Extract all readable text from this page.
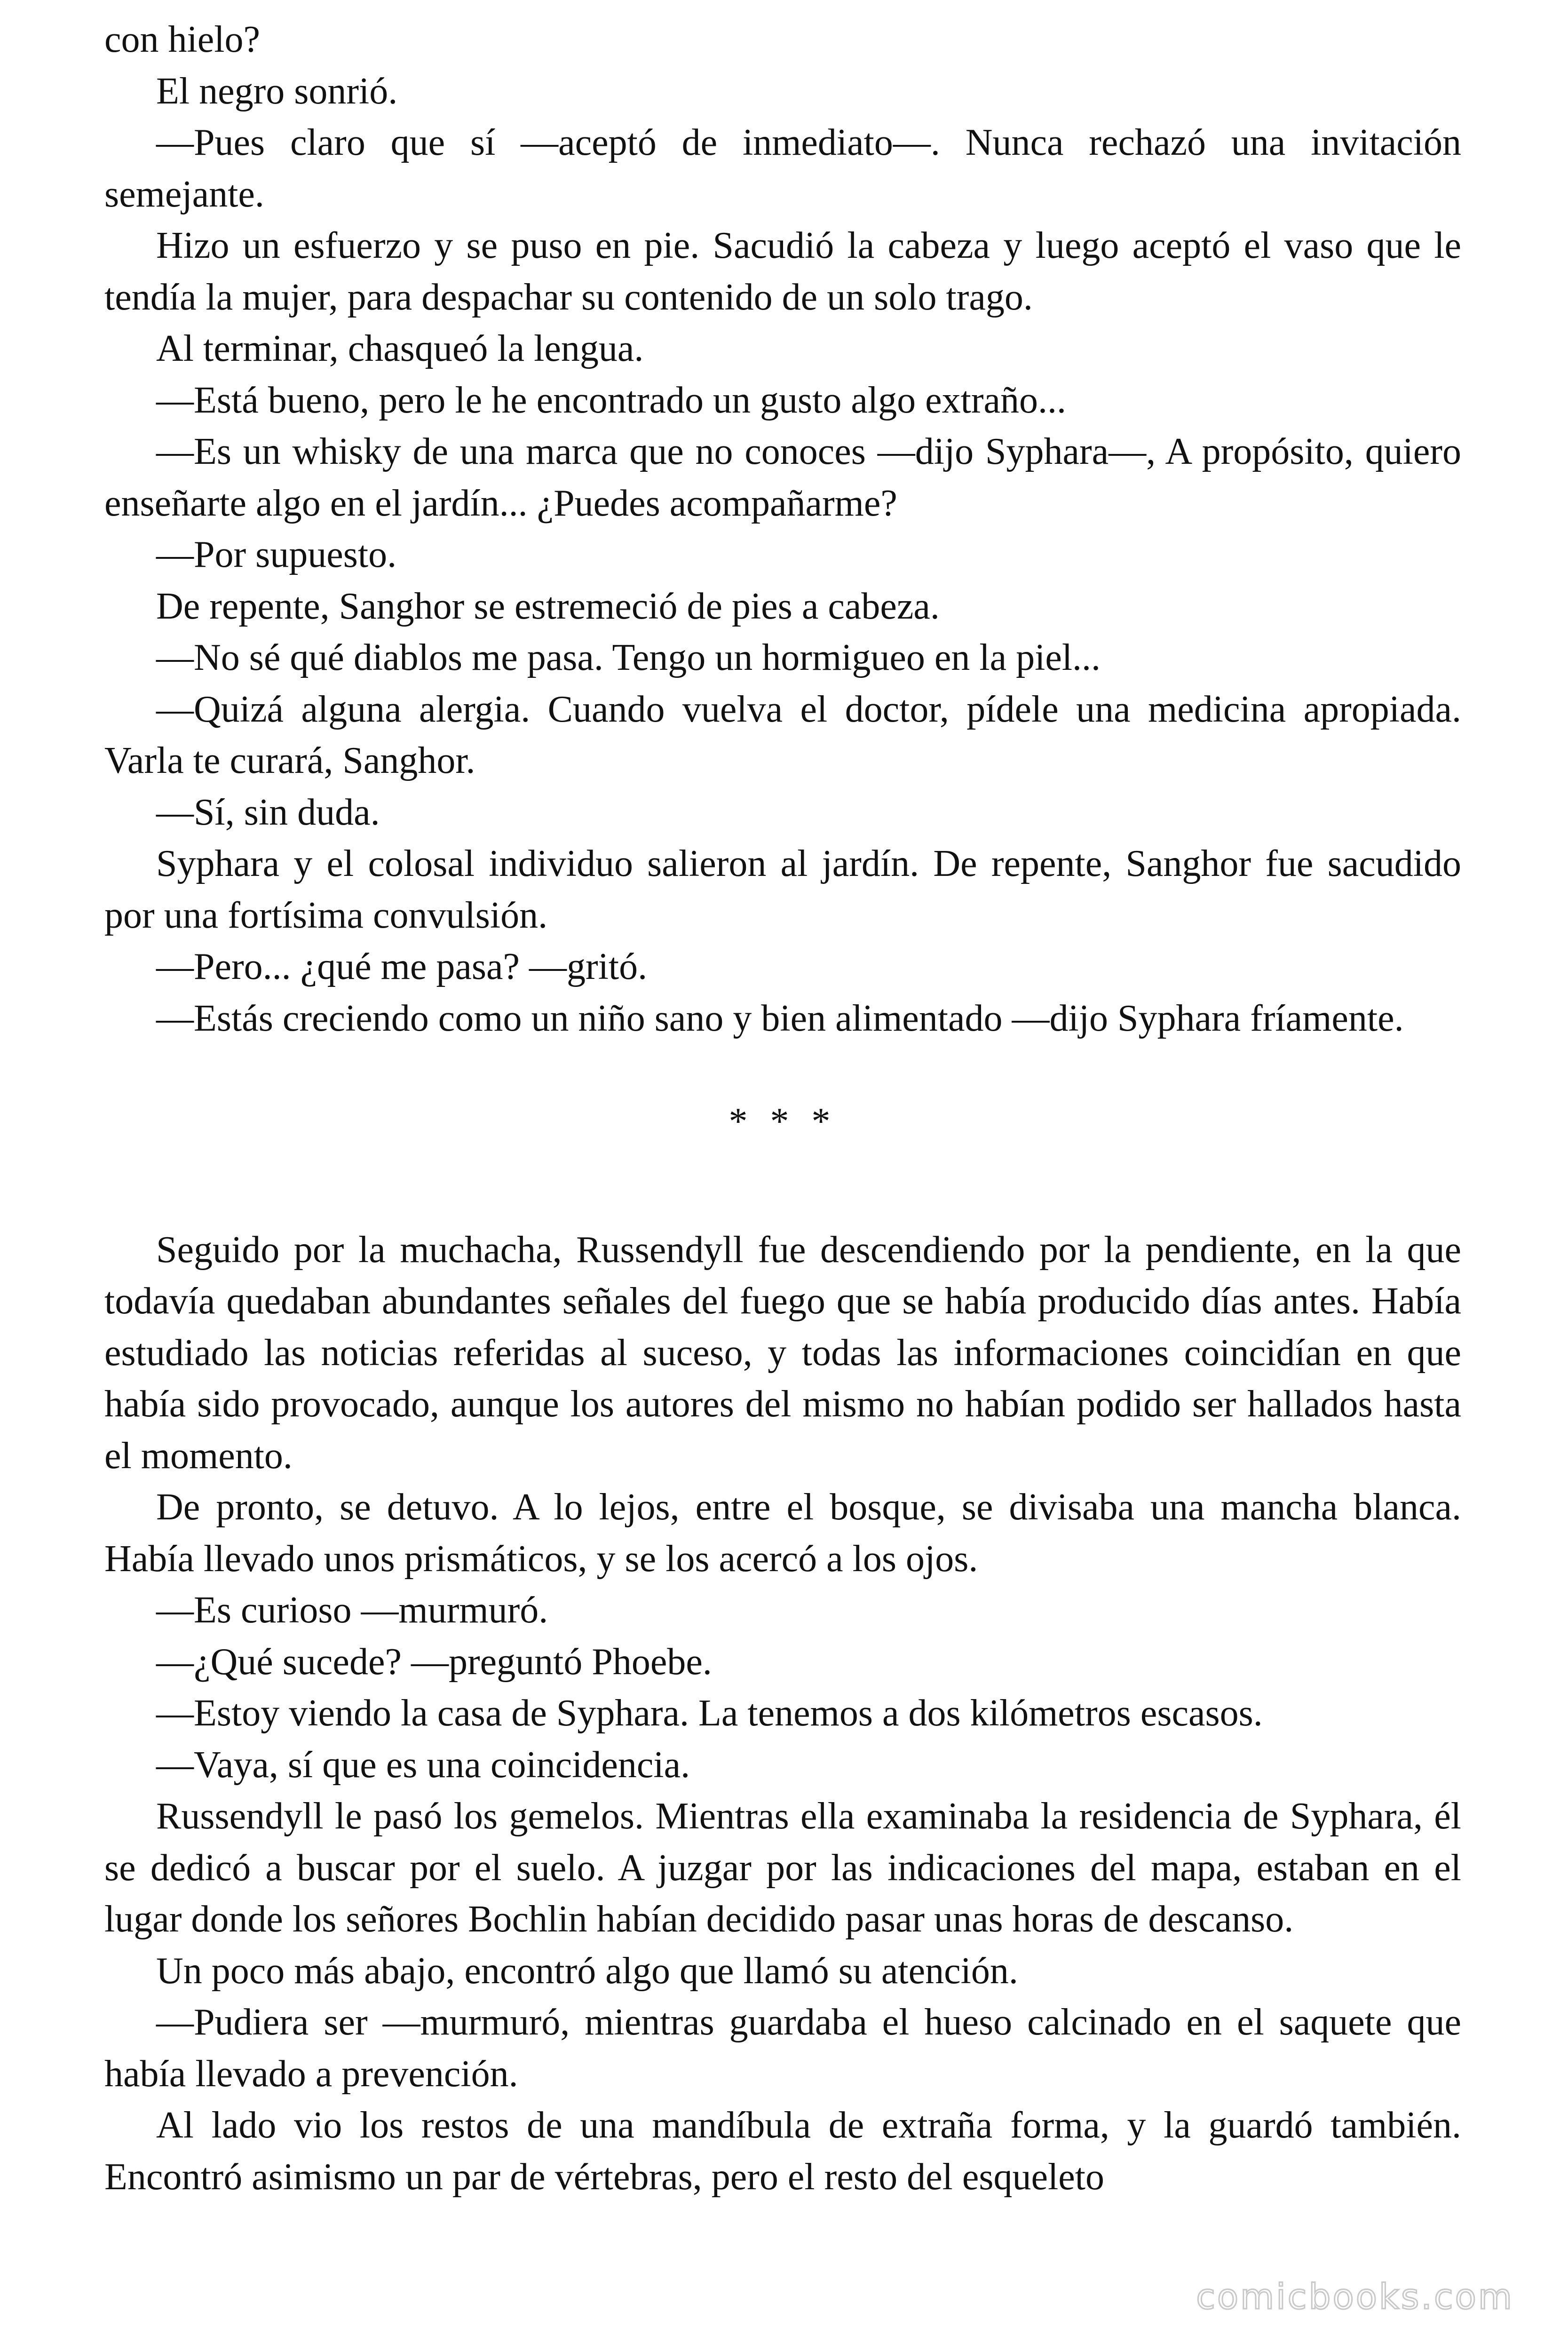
con hielo?

El negro sonrió.

—Pues claro que sí —aceptó de inmediato—. Nunca rechazó una invitación semejante.

Hizo un esfuerzo y se puso en pie. Sacudió la cabeza y luego aceptó el vaso que le tendía la mujer, para despachar su contenido de un solo trago.

Al terminar, chasqueó la lengua.

—Está bueno, pero le he encontrado un gusto algo extraño...

—Es un whisky de una marca que no conoces —dijo Syphara—, A propósito, quiero enseñarte algo en el jardín... ¿Puedes acompañarme?

—Por supuesto.

De repente, Sanghor se estremeció de pies a cabeza.

—No sé qué diablos me pasa. Tengo un hormigueo en la piel...

—Quizá alguna alergia. Cuando vuelva el doctor, pídele una medicina apropiada. Varla te curará, Sanghor.

—Sí, sin duda.

Syphara y el colosal individuo salieron al jardín. De repente, Sanghor fue sacudido por una fortísima convulsión.

—Pero... ¿qué me pasa? —gritó.

—Estás creciendo como un niño sano y bien alimentado —dijo Syphara fríamente.

* * *

Seguido por la muchacha, Russendyll fue descendiendo por la pendiente, en la que todavía quedaban abundantes señales del fuego que se había producido días antes. Había estudiado las noticias referidas al suceso, y todas las informaciones coincidían en que había sido provocado, aunque los autores del mismo no habían podido ser hallados hasta el momento.

De pronto, se detuvo. A lo lejos, entre el bosque, se divisaba una mancha blanca. Había llevado unos prismáticos, y se los acercó a los ojos.

—Es curioso —murmuró.

—¿Qué sucede? —preguntó Phoebe.

—Estoy viendo la casa de Syphara. La tenemos a dos kilómetros escasos.

—Vaya, sí que es una coincidencia.

Russendyll le pasó los gemelos. Mientras ella examinaba la residencia de Syphara, él se dedicó a buscar por el suelo. A juzgar por las indicaciones del mapa, estaban en el lugar donde los señores Bochlin habían decidido pasar unas horas de descanso.

Un poco más abajo, encontró algo que llamó su atención.

—Pudiera ser —murmuró, mientras guardaba el hueso calcinado en el saquete que había llevado a prevención.

Al lado vio los restos de una mandíbula de extraña forma, y la guardó también. Encontró asimismo un par de vértebras, pero el resto del esqueleto

comicbooks.com
